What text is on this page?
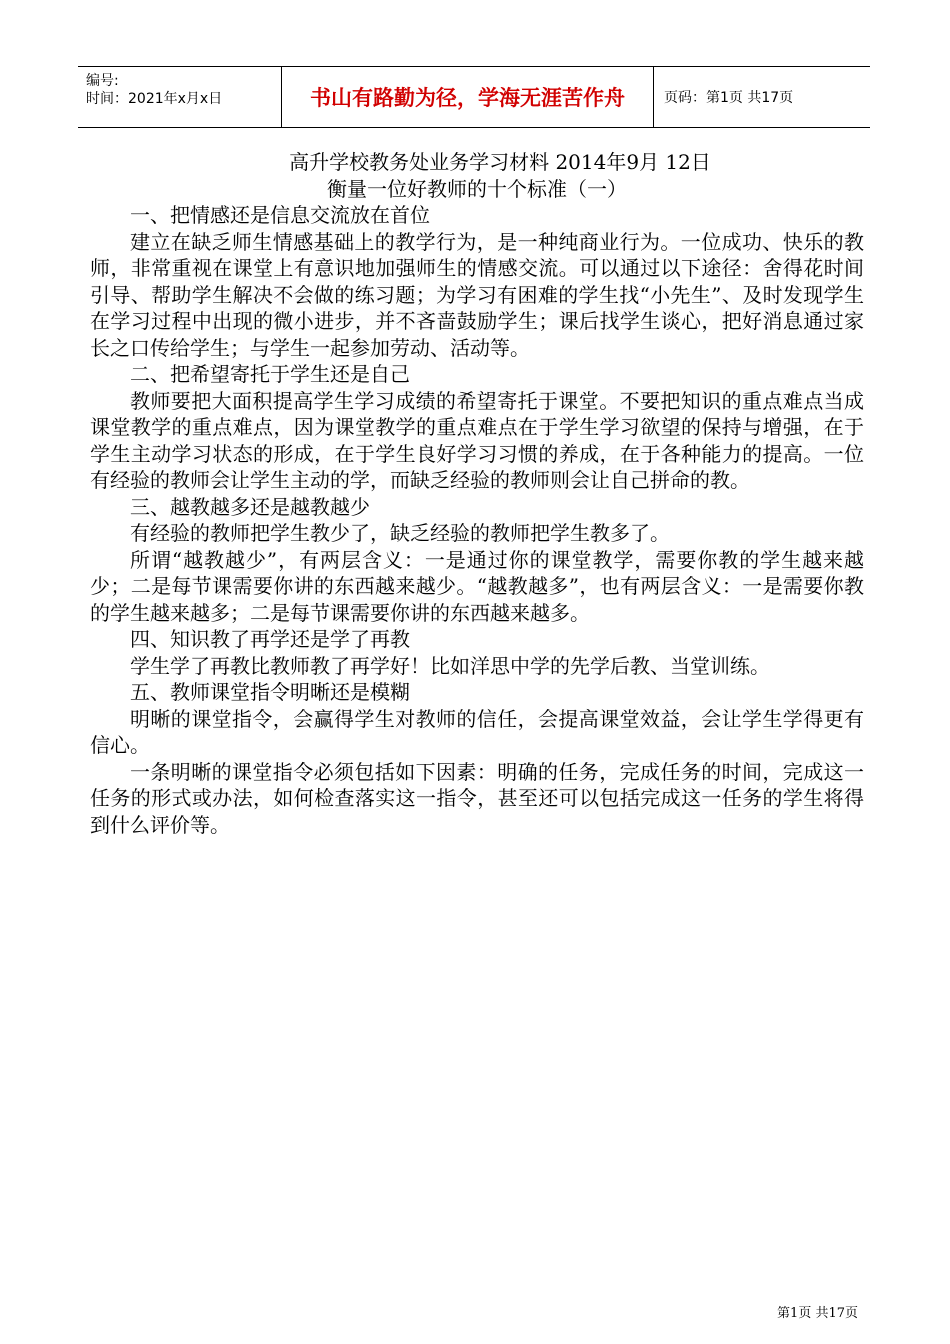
编号:
时间：2021年x月x日	书山有路勤为径，学海无涯苦作舟	页码：第1页 共17页
高升学校教务处业务学习材料 2014年9月 12日
衡量一位好教师的十个标准（一）

一、把情感还是信息交流放在首位

建立在缺乏师生情感基础上的教学行为，是一种纯商业行为。一位成功、快乐的教师，非常重视在课堂上有意识地加强师生的情感交流。可以通过以下途径：舍得花时间引导、帮助学生解决不会做的练习题；为学习有困难的学生找“小先生”、及时发现学生在学习过程中出现的微小进步，并不吝啬鼓励学生；课后找学生谈心，把好消息通过家长之口传给学生；与学生一起参加劳动、活动等。

二、把希望寄托于学生还是自己

教师要把大面积提高学生学习成绩的希望寄托于课堂。不要把知识的重点难点当成课堂教学的重点难点，因为课堂教学的重点难点在于学生学习欲望的保持与增强，在于学生主动学习状态的形成，在于学生良好学习习惯的养成，在于各种能力的提高。一位有经验的教师会让学生主动的学，而缺乏经验的教师则会让自己拼命的教。

三、越教越多还是越教越少

有经验的教师把学生教少了，缺乏经验的教师把学生教多了。

所谓“越教越少”，有两层含义：一是通过你的课堂教学，需要你教的学生越来越少；二是每节课需要你讲的东西越来越少。“越教越多”，也有两层含义：一是需要你教的学生越来越多；二是每节课需要你讲的东西越来越多。

四、知识教了再学还是学了再教

学生学了再教比教师教了再学好！比如洋思中学的先学后教、当堂训练。

五、教师课堂指令明晰还是模糊

明晰的课堂指令，会赢得学生对教师的信任，会提高课堂效益，会让学生学得更有信心。

一条明晰的课堂指令必须包括如下因素：明确的任务，完成任务的时间，完成这一任务的形式或办法，如何检查落实这一指令，甚至还可以包括完成这一任务的学生将得到什么评价等。

第1页 共17页
